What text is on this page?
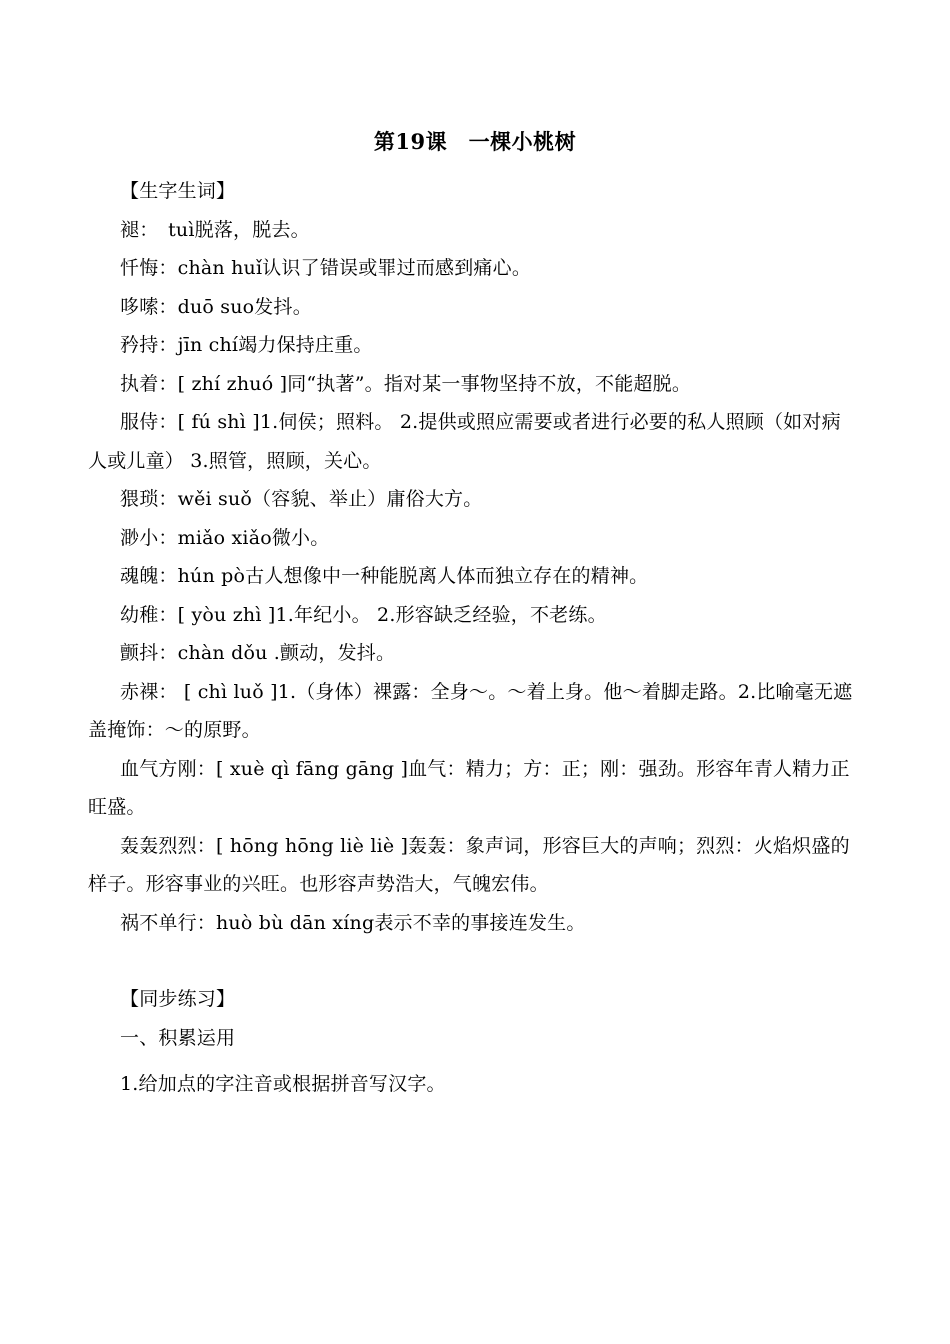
第19课　一棵小桃树

【生字生词】

褪：　tuì脱落，脱去。

忏悔：chàn huǐ认识了错误或罪过而感到痛心。

哆嗦：duō suo发抖。

矜持：jīn chí竭力保持庄重。

执着：[ zhí zhuó ]同“执著”。指对某一事物坚持不放，不能超脱。

服侍：[ fú shì ]1.伺侯；照料。 2.提供或照应需要或者进行必要的私人照顾（如对病人或儿童） 3.照管，照顾，关心。

猥琐：wěi suǒ（容貌、举止）庸俗大方。

渺小：miǎo xiǎo微小。

魂魄：hún pò古人想像中一种能脱离人体而独立存在的精神。

幼稚：[ yòu zhì ]1.年纪小。 2.形容缺乏经验，不老练。

颤抖：chàn dǒu .颤动，发抖。

赤裸： [ chì luǒ ]1.（身体）裸露：全身～。～着上身。他～着脚走路。2.比喻毫无遮盖掩饰：～的原野。

血气方刚：[ xuè qì fāng gāng ]血气：精力；方：正；刚：强劲。形容年青人精力正旺盛。

轰轰烈烈：[ hōng hōng liè liè ]轰轰：象声词，形容巨大的声响；烈烈：火焰炽盛的样子。形容事业的兴旺。也形容声势浩大，气魄宏伟。

祸不单行：huò bù dān xíng表示不幸的事接连发生。

【同步练习】

一、积累运用

1.给加点的字注音或根据拼音写汉字。
